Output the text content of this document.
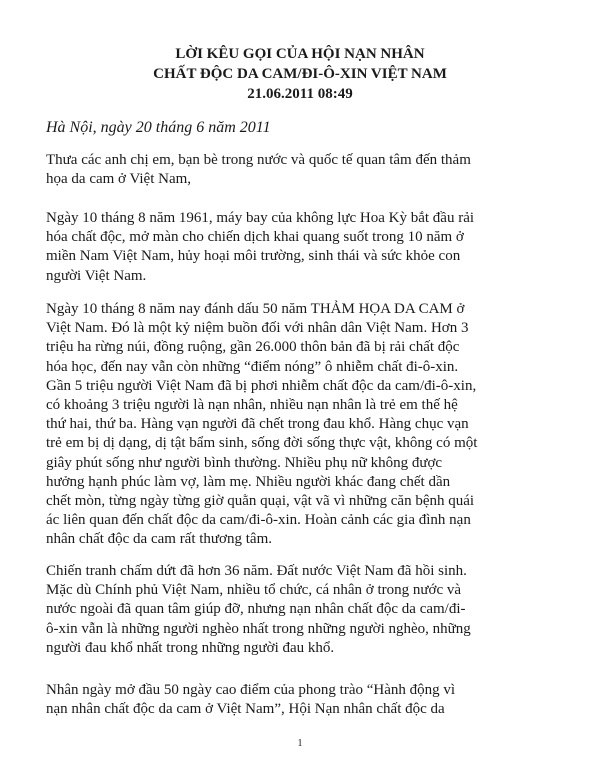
LỜI KÊU GỌI CỦA HỘI NẠN NHÂN
CHẤT ĐỘC DA CAM/ĐI-Ô-XIN VIỆT NAM
21.06.2011 08:49
Hà Nội, ngày 20 tháng 6 năm 2011
Thưa các anh chị em, bạn bè trong nước và quốc tế quan tâm đến thảm
họa da cam ở Việt Nam,
Ngày 10 tháng 8 năm 1961, máy bay của không lực Hoa Kỳ bắt đầu rải
hóa chất độc, mở màn cho chiến dịch khai quang suốt trong 10 năm ở
miền Nam Việt Nam, hủy hoại môi trường, sinh thái và sức khỏe con
người Việt Nam.
Ngày 10 tháng 8 năm nay đánh dấu 50 năm THẢM HỌA DA CAM ở
Việt Nam. Đó là một kỷ niệm buồn đối với nhân dân Việt Nam. Hơn 3
triệu ha rừng núi, đồng ruộng, gần 26.000 thôn bản đã bị rải chất độc
hóa học, đến nay vẫn còn những “điểm nóng” ô nhiễm chất đi-ô-xin.
Gần 5 triệu người Việt Nam đã bị phơi nhiễm chất độc da cam/đi-ô-xin,
có khoảng 3 triệu người là nạn nhân, nhiều nạn nhân là trẻ em thế hệ
thứ hai, thứ ba. Hàng vạn người đã chết trong đau khổ. Hàng chục vạn
trẻ em bị dị dạng, dị tật bẩm sinh, sống đời sống thực vật, không có một
giây phút sống như người bình thường. Nhiều phụ nữ không được
hưởng hạnh phúc làm vợ, làm mẹ. Nhiều người khác đang chết dần
chết mòn, từng ngày từng giờ quằn quại, vật vã vì những căn bệnh quái
ác liên quan đến chất độc da cam/đi-ô-xin. Hoàn cảnh các gia đình nạn
nhân chất độc da cam rất thương tâm.
Chiến tranh chấm dứt đã hơn 36 năm. Đất nước Việt Nam đã hồi sinh.
Mặc dù Chính phủ Việt Nam, nhiều tổ chức, cá nhân ở trong nước và
nước ngoài đã quan tâm giúp đỡ, nhưng nạn nhân chất độc da cam/đi-
ô-xin vẫn là những người nghèo nhất trong những người nghèo, những
người đau khổ nhất trong những người đau khổ.
Nhân ngày mở đầu 50 ngày cao điểm của phong trào “Hành động vì
nạn nhân chất độc da cam ở Việt Nam”, Hội Nạn nhân chất độc da
1
